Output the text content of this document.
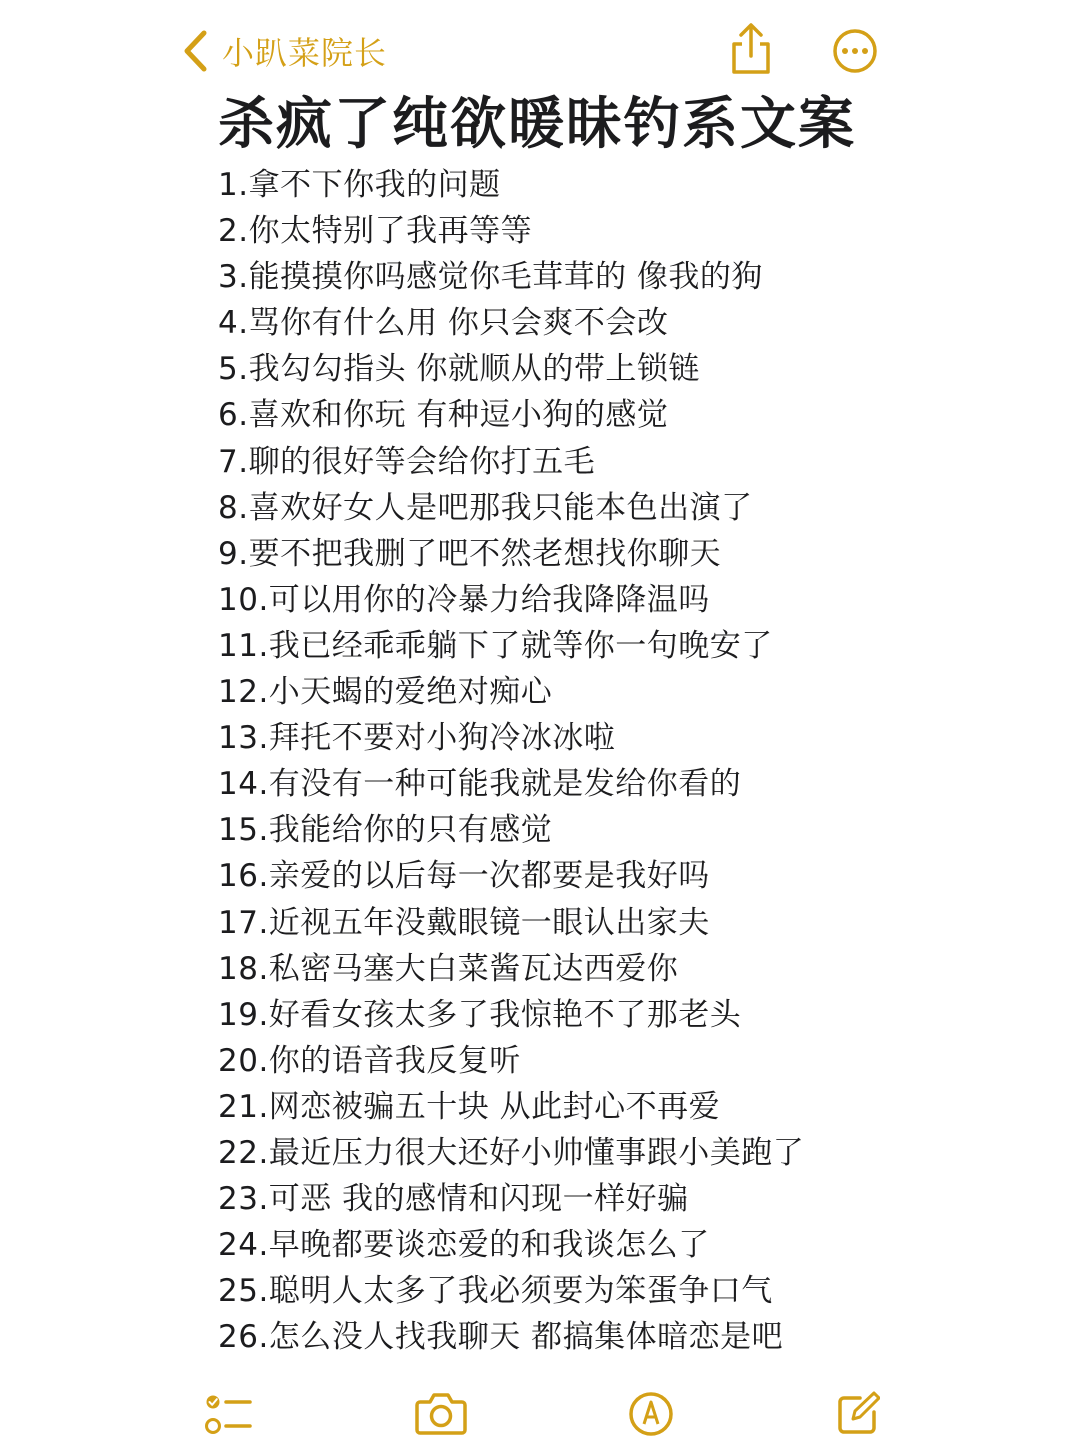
小趴菜院长
杀疯了纯欲暖昧钓系文案
1.拿不下你我的问题
2.你太特别了我再等等
3.能摸摸你吗感觉你毛茸茸的 像我的狗
4.骂你有什么用 你只会爽不会改
5.我勾勾指头 你就顺从的带上锁链
6.喜欢和你玩 有种逗小狗的感觉
7.聊的很好等会给你打五毛
8.喜欢好女人是吧那我只能本色出演了
9.要不把我删了吧不然老想找你聊天
10.可以用你的冷暴力给我降降温吗
11.我已经乖乖躺下了就等你一句晚安了
12.小天蝎的爱绝对痴心
13.拜托不要对小狗冷冰冰啦
14.有没有一种可能我就是发给你看的
15.我能给你的只有感觉
16.亲爱的以后每一次都要是我好吗
17.近视五年没戴眼镜一眼认出家夫
18.私密马塞大白菜酱瓦达西爱你
19.好看女孩太多了我惊艳不了那老头
20.你的语音我反复听
21.网恋被骗五十块 从此封心不再爱
22.最近压力很大还好小帅懂事跟小美跑了
23.可恶 我的感情和闪现一样好骗
24.早晚都要谈恋爱的和我谈怎么了
25.聪明人太多了我必须要为笨蛋争口气
26.怎么没人找我聊天 都搞集体暗恋是吧
